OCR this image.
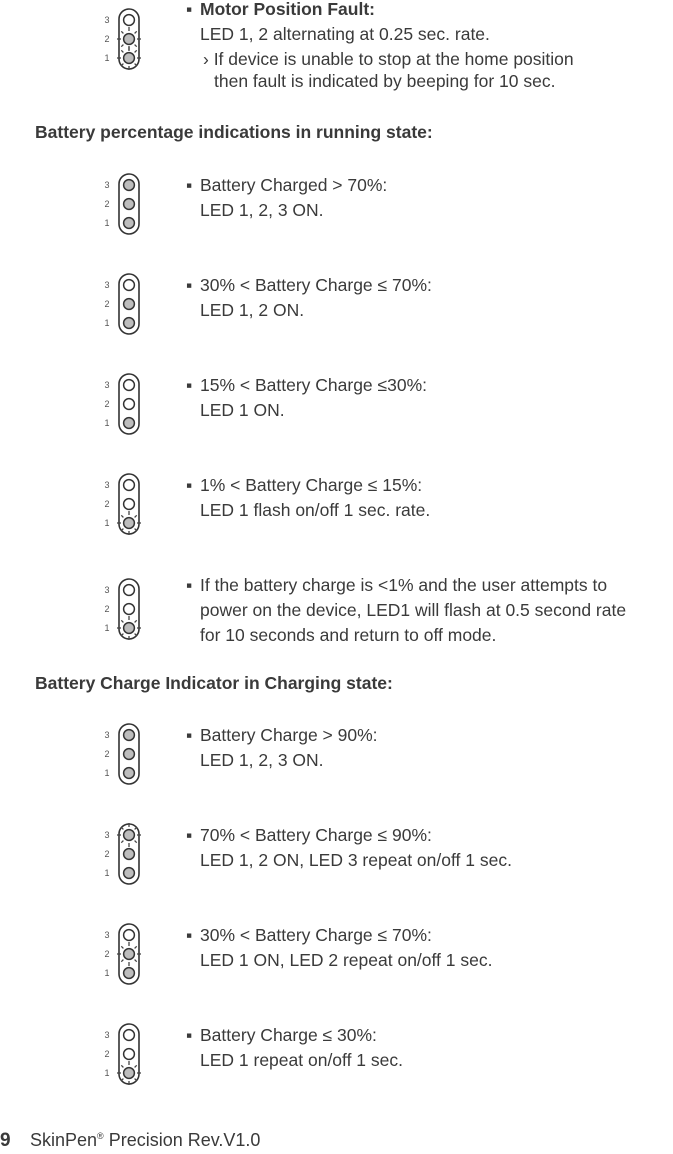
3
2
1
▪ Motor Position Fault:
LED 1, 2 alternating at 0.25 sec. rate.
› If device is unable to stop at the home position
then fault is indicated by beeping for 10 sec.
Battery percentage indications in running state:
3
2
1
▪ Battery Charged > 70%:
LED 1, 2, 3 ON.
3
2
1
▪ 30% < Battery Charge ≤ 70%:
LED 1, 2 ON.
3
2
1
▪ 15% < Battery Charge ≤30%:
LED 1 ON.
3
2
1
▪ 1% < Battery Charge ≤ 15%:
LED 1 flash on/off 1 sec. rate.
3
2
1
▪ If the battery charge is <1% and the user attempts to
power on the device, LED1 will flash at 0.5 second rate
for 10 seconds and return to off mode.
Battery Charge Indicator in Charging state:
3
2
1
▪ Battery Charge > 90%:
LED 1, 2, 3 ON.
3
2
1
▪ 70% < Battery Charge ≤ 90%:
LED 1, 2 ON, LED 3 repeat on/off 1 sec.
3
2
1
▪ 30% < Battery Charge ≤ 70%:
LED 1 ON, LED 2 repeat on/off 1 sec.
3
2
1
▪ Battery Charge ≤ 30%:
LED 1 repeat on/off 1 sec.
9 SkinPen® Precision Rev.V1.0
